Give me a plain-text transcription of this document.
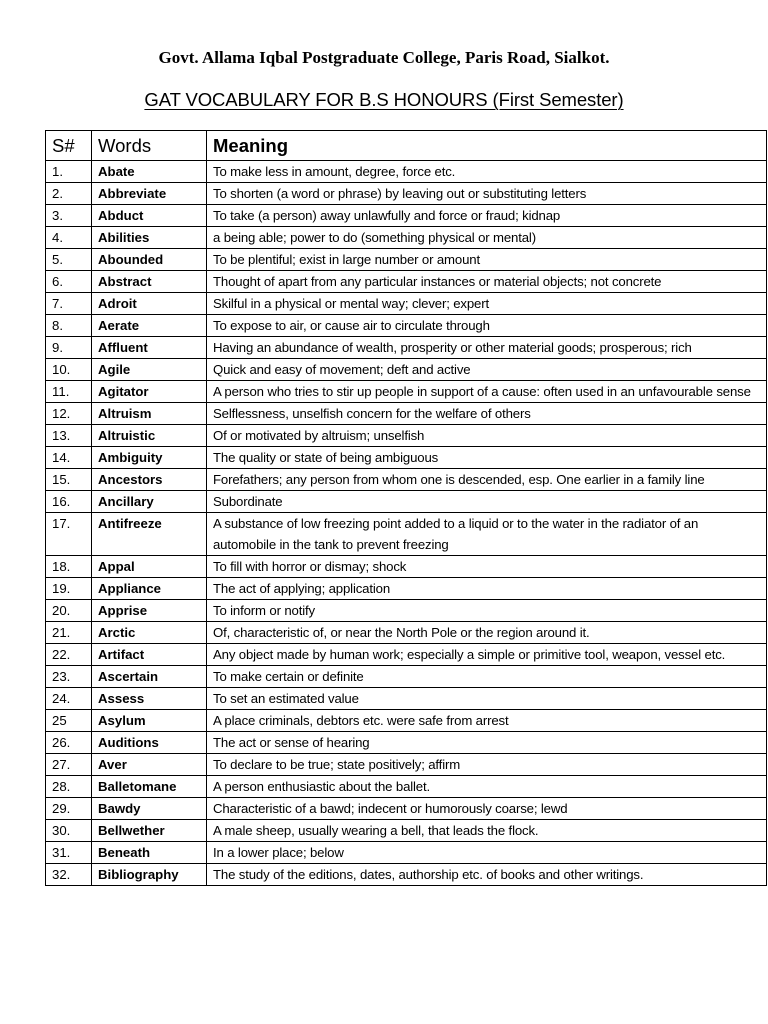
Govt. Allama Iqbal Postgraduate College, Paris Road, Sialkot.
GAT VOCABULARY FOR B.S HONOURS (First Semester)
S#	Words	Meaning
1.	Abate	To make less in amount, degree, force etc.
2.	Abbreviate	To shorten (a word or phrase) by leaving out or substituting letters
3.	Abduct	To take (a person) away unlawfully and force or fraud; kidnap
4.	Abilities	a being able; power to do (something physical or mental)
5.	Abounded	To be plentiful; exist in large number or amount
6.	Abstract	Thought of apart from any particular instances or material objects; not concrete
7.	Adroit	Skilful in a physical or mental way; clever; expert
8.	Aerate	To expose to air, or cause air to circulate through
9.	Affluent	Having an abundance of wealth, prosperity or other material goods; prosperous; rich
10.	Agile	Quick and easy of movement; deft and active
11.	Agitator	A person who tries to stir up people in support of a cause: often used in an unfavourable sense
12.	Altruism	Selflessness, unselfish concern for the welfare of others
13.	Altruistic	Of or motivated by altruism; unselfish
14.	Ambiguity	The quality or state of being ambiguous
15.	Ancestors	Forefathers; any person from whom one is descended, esp. One earlier in a family line
16.	Ancillary	Subordinate
17.	Antifreeze	A substance of low freezing point added to a liquid or to the water in the radiator of an automobile in the tank to prevent freezing
18.	Appal	To fill with horror or dismay; shock
19.	Appliance	The act of applying; application
20.	Apprise	To inform or notify
21.	Arctic	Of, characteristic of, or near the North Pole or the region around it.
22.	Artifact	Any object made by human work; especially a simple or primitive tool, weapon, vessel etc.
23.	Ascertain	To make certain or definite
24.	Assess	To set an estimated value
25	Asylum	A place criminals, debtors etc. were safe from arrest
26.	Auditions	The act or sense of hearing
27.	Aver	To declare to be true; state positively; affirm
28.	Balletomane	A person enthusiastic about the ballet.
29.	Bawdy	Characteristic of a bawd; indecent or humorously coarse; lewd
30.	Bellwether	A male sheep, usually wearing a bell, that leads the flock.
31.	Beneath	In a lower place; below
32.	Bibliography	The study of the editions, dates, authorship etc. of books and other writings.
